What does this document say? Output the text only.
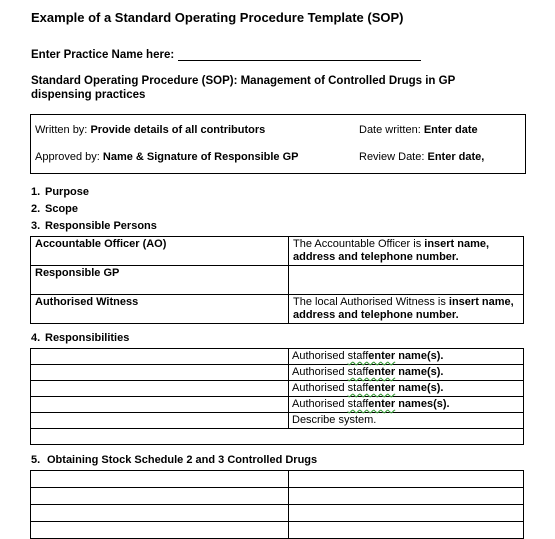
Example of a Standard Operating Procedure Template (SOP)
Enter Practice Name here:
Standard Operating Procedure (SOP): Management of Controlled Drugs in GP dispensing practices
Written by: Provide details of all contributors	Date written: Enter date
Approved by: Name & Signature of Responsible GP	Review Date: Enter date,
1. Purpose
2. Scope
3. Responsible Persons
Accountable Officer (AO)	The Accountable Officer is insert name, address and telephone number.
Responsible GP	
Authorised Witness	The local Authorised Witness is insert name, address and telephone number.
4. Responsibilities
	Authorised staffenter name(s).
	Authorised staffenter name(s).
	Authorised staffenter name(s).
	Authorised staffenter names(s).
	Describe system.

5. Obtaining Stock Schedule 2 and 3 Controlled Drugs
